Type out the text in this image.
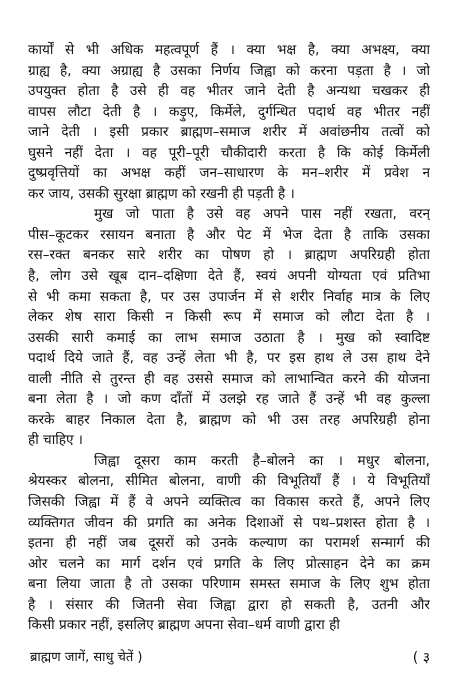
कार्यों से भी अधिक महत्वपूर्ण हैं । क्या भक्ष है, क्या अभक्ष्य, क्या
ग्राह्य है, क्या अग्राह्य है उसका निर्णय जिह्वा को करना पड़ता है । जो
उपयुक्त होता है उसे ही वह भीतर जाने देती है अन्यथा चखकर ही
वापस लौटा देती है । कड़ुए, किर्मेले, दुर्गन्धित पदार्थ वह भीतर नहीं
जाने देती । इसी प्रकार ब्राह्मण–समाज शरीर में अवांछनीय तत्वों को
घुसने नहीं देता । वह पूरी–पूरी चौकीदारी करता है कि कोई किर्मेली
दुष्प्रवृत्तियों का अभक्ष कहीं जन–साधारण के मन–शरीर में प्रवेश न
कर जाय, उसकी सुरक्षा ब्राह्मण को रखनी ही पड़ती है ।
मुख जो पाता है उसे वह अपने पास नहीं रखता, वरन्
पीस–कूटकर रसायन बनाता है और पेट में भेज देता है ताकि उसका
रस–रक्त बनकर सारे शरीर का पोषण हो । ब्राह्मण अपरिग्रही होता
है, लोग उसे खूब दान–दक्षिणा देते हैं, स्वयं अपनी योग्यता एवं प्रतिभा
से भी कमा सकता है, पर उस उपार्जन में से शरीर निर्वाह मात्र के लिए
लेकर शेष सारा किसी न किसी रूप में समाज को लौटा देता है ।
उसकी सारी कमाई का लाभ समाज उठाता है । मुख को स्वादिष्ट
पदार्थ दिये जाते हैं, वह उन्हें लेता भी है, पर इस हाथ ले उस हाथ देने
वाली नीति से तुरन्त ही वह उससे समाज को लाभान्वित करने की योजना
बना लेता है । जो कण दाँतों में उलझे रह जाते हैं उन्हें भी वह कुल्ला
करके बाहर निकाल देता है, ब्राह्मण को भी उस तरह अपरिग्रही होना
ही चाहिए ।
जिह्वा दूसरा काम करती है–बोलने का । मधुर बोलना,
श्रेयस्कर बोलना, सीमित बोलना, वाणी की विभूतियाँ हैं । ये विभूतियाँ
जिसकी जिह्वा में हैं वे अपने व्यक्तित्व का विकास करते हैं, अपने लिए
व्यक्तिगत जीवन की प्रगति का अनेक दिशाओं से पथ–प्रशस्त होता है ।
इतना ही नहीं जब दूसरों को उनके कल्याण का परामर्श सन्मार्ग की
ओर चलने का मार्ग दर्शन एवं प्रगति के लिए प्रोत्साहन देने का क्रम
बना लिया जाता है तो उसका परिणाम समस्त समाज के लिए शुभ होता
है । संसार की जितनी सेवा जिह्वा द्वारा हो सकती है, उतनी और
किसी प्रकार नहीं, इसलिए ब्राह्मण अपना सेवा–धर्म वाणी द्वारा ही
ब्राह्मण जागें, साधु चेतें )	( ३
